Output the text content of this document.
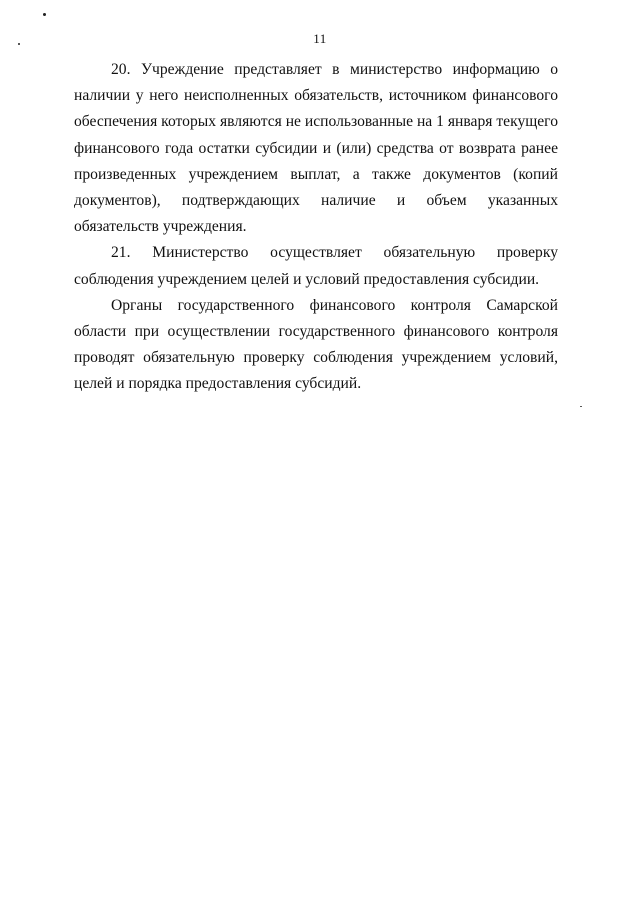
11

20. Учреждение представляет в министерство информацию о наличии у него неисполненных обязательств, источником финансового обеспечения которых являются не использованные на 1 января текущего финансового года остатки субсидии и (или) средства от возврата ранее произведенных учреждением выплат, а также документов (копий документов), подтверждающих наличие и объем указанных обязательств учреждения.

21. Министерство осуществляет обязательную проверку соблюдения учреждением целей и условий предоставления субсидии.

Органы государственного финансового контроля Самарской области при осуществлении государственного финансового контроля проводят обязательную проверку соблюдения учреждением условий, целей и порядка предоставления субсидий.
